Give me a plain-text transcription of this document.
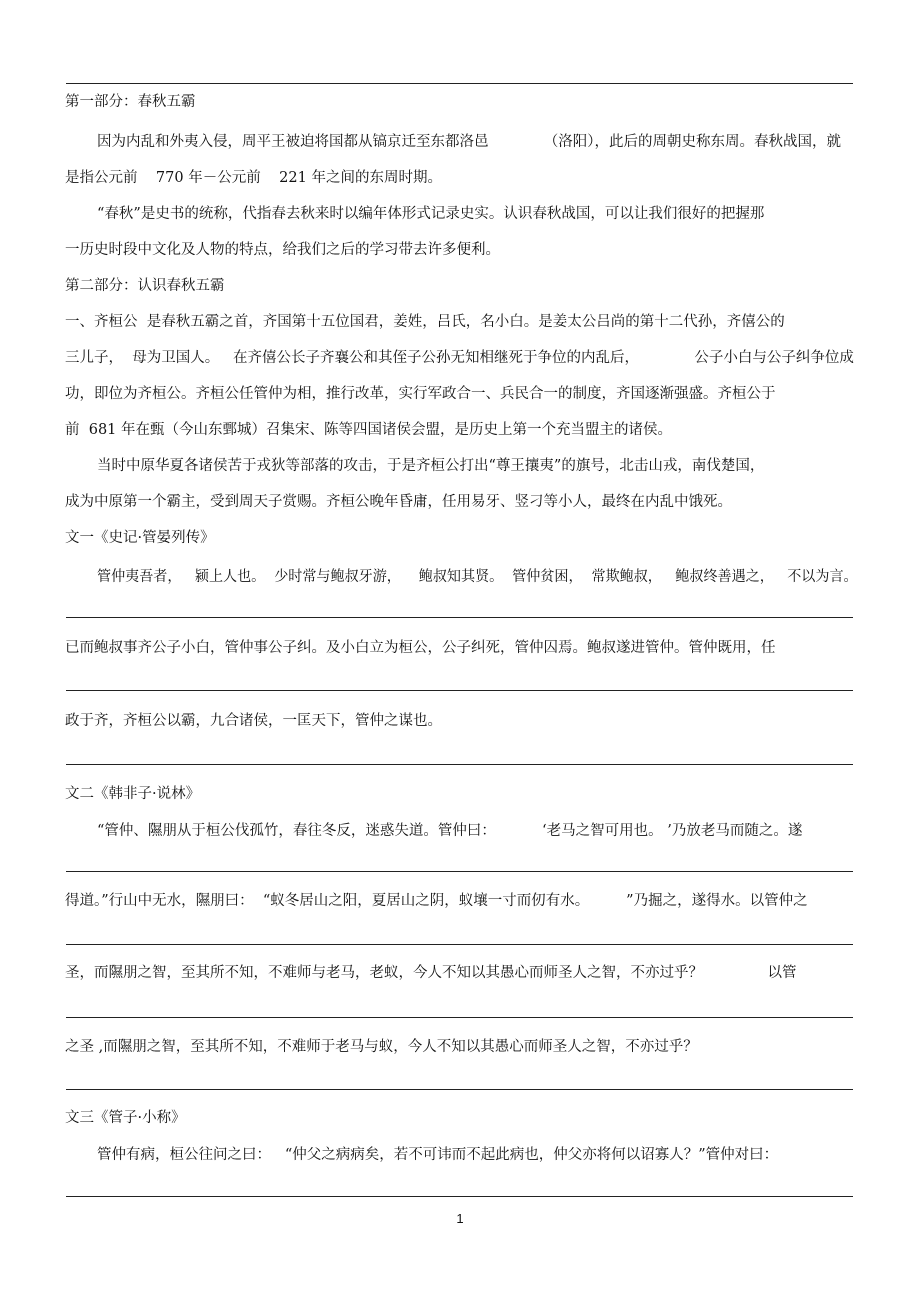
第一部分：春秋五霸
因为内乱和外夷入侵，周平王被迫将国都从镐京迁至东都洛邑            （洛阳），此后的周朝史称东周。春秋战国，就
是指公元前    770 年－公元前    221 年之间的东周时期。
“春秋”是史书的统称，代指春去秋来时以编年体形式记录史实。认识春秋战国，可以让我们很好的把握那
一历史时段中文化及人物的特点，给我们之后的学习带去许多便利。
第二部分：认识春秋五霸
一、齐桓公  是春秋五霸之首，齐国第十五位国君，姜姓，吕氏，名小白。是姜太公吕尚的第十二代孙，齐僖公的
三儿子，  母为卫国人。   在齐僖公长子齐襄公和其侄子公孙无知相继死于争位的内乱后，            公子小白与公子纠争位成
功，即位为齐桓公。齐桓公任管仲为相，推行改革，实行军政合一、兵民合一的制度，齐国逐渐强盛。齐桓公于
前  681 年在甄（今山东鄄城）召集宋、陈等四国诸侯会盟，是历史上第一个充当盟主的诸侯。
当时中原华夏各诸侯苦于戎狄等部落的攻击，于是齐桓公打出“尊王攘夷”的旗号，北击山戎，南伐楚国，
成为中原第一个霸主，受到周天子赏赐。齐桓公晚年昏庸，任用易牙、竖刁等小人，最终在内乱中饿死。
文一《史记·管晏列传》
管仲夷吾者，   颍上人也。  少时常与鲍叔牙游，    鲍叔知其贤。  管仲贫困，  常欺鲍叔，   鲍叔终善遇之，   不以为言。
已而鲍叔事齐公子小白，管仲事公子纠。及小白立为桓公，公子纠死，管仲囚焉。鲍叔遂进管仲。管仲既用，任
政于齐，齐桓公以霸，九合诸侯，一匡天下，管仲之谋也。
文二《韩非子·说林》
“管仲、隰朋从于桓公伐孤竹，春往冬反，迷惑失道。管仲曰：          ‘老马之智可用也。 ’乃放老马而随之。遂
得道。”行山中无水，隰朋曰：  “蚁冬居山之阳，夏居山之阴，蚁壤一寸而仞有水。        ”乃掘之，遂得水。以管仲之
圣，而隰朋之智，至其所不知，不难师与老马，老蚁，今人不知以其愚心而师圣人之智，不亦过乎？              以管
之圣 ,而隰朋之智，至其所不知，不难师于老马与蚁，今人不知以其愚心而师圣人之智，不亦过乎？
文三《管子·小称》
管仲有病，桓公往问之曰：   “仲父之病病矣，若不可讳而不起此病也，仲父亦将何以诏寡人？”管仲对曰：
1
